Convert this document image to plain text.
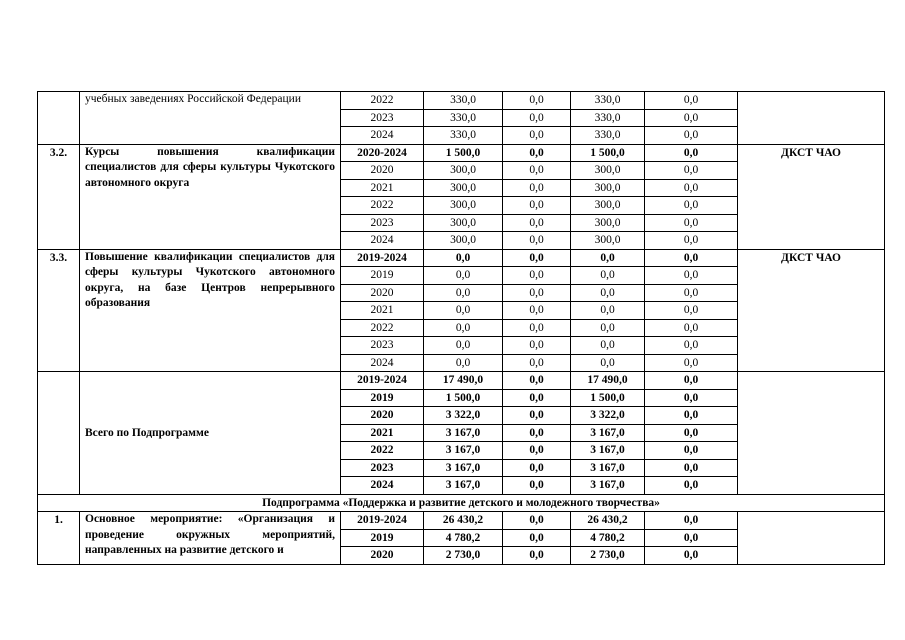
	учебных заведениях Российской Федерации	2022	330,0	0,0	330,0	0,0	
		2023	330,0	0,0	330,0	0,0	
		2024	330,0	0,0	330,0	0,0	
3.2.	Курсы повышения квалификации специалистов для сферы культуры Чукотского автономного округа	2020-2024	1 500,0	0,0	1 500,0	0,0	ДКСТ ЧАО
		2020	300,0	0,0	300,0	0,0	
		2021	300,0	0,0	300,0	0,0	
		2022	300,0	0,0	300,0	0,0	
		2023	300,0	0,0	300,0	0,0	
		2024	300,0	0,0	300,0	0,0	
3.3.	Повышение квалификации специалистов для сферы культуры Чукотского автономного округа, на базе Центров непрерывного образования	2019-2024	0,0	0,0	0,0	0,0	ДКСТ ЧАО
		2019	0,0	0,0	0,0	0,0	
		2020	0,0	0,0	0,0	0,0	
		2021	0,0	0,0	0,0	0,0	
		2022	0,0	0,0	0,0	0,0	
		2023	0,0	0,0	0,0	0,0	
		2024	0,0	0,0	0,0	0,0	
	Всего по Подпрограмме	2019-2024	17 490,0	0,0	17 490,0	0,0	
		2019	1 500,0	0,0	1 500,0	0,0	
		2020	3 322,0	0,0	3 322,0	0,0	
		2021	3 167,0	0,0	3 167,0	0,0	
		2022	3 167,0	0,0	3 167,0	0,0	
		2023	3 167,0	0,0	3 167,0	0,0	
		2024	3 167,0	0,0	3 167,0	0,0	
Подпрограмма «Поддержка и развитие детского и молодежного творчества»							
1.	Основное мероприятие: «Организация и проведение окружных мероприятий, направленных на развитие детского и	2019-2024	26 430,2	0,0	26 430,2	0,0	
		2019	4 780,2	0,0	4 780,2	0,0	
		2020	2 730,0	0,0	2 730,0	0,0	
